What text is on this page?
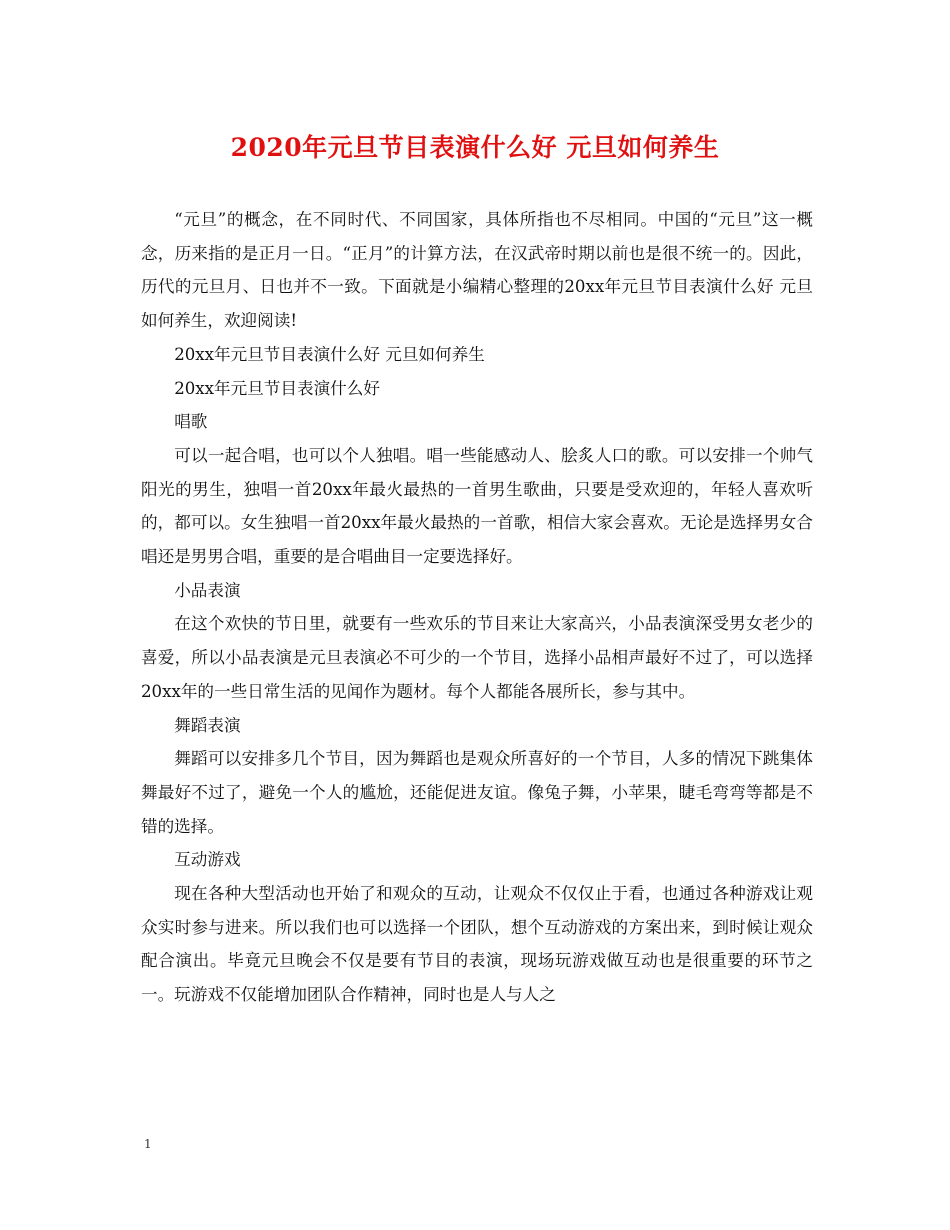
2020年元旦节目表演什么好 元旦如何养生

“元旦”的概念，在不同时代、不同国家，具体所指也不尽相同。中国的“元旦”这一概念，历来指的是正月一日。“正月”的计算方法，在汉武帝时期以前也是很不统一的。因此，历代的元旦月、日也并不一致。下面就是小编精心整理的20xx年元旦节目表演什么好 元旦如何养生，欢迎阅读!

20xx年元旦节目表演什么好 元旦如何养生

20xx年元旦节目表演什么好

唱歌

可以一起合唱，也可以个人独唱。唱一些能感动人、脍炙人口的歌。可以安排一个帅气阳光的男生，独唱一首20xx年最火最热的一首男生歌曲，只要是受欢迎的，年轻人喜欢听的，都可以。女生独唱一首20xx年最火最热的一首歌，相信大家会喜欢。无论是选择男女合唱还是男男合唱，重要的是合唱曲目一定要选择好。

小品表演

在这个欢快的节日里，就要有一些欢乐的节目来让大家高兴，小品表演深受男女老少的喜爱，所以小品表演是元旦表演必不可少的一个节目，选择小品相声最好不过了，可以选择20xx年的一些日常生活的见闻作为题材。每个人都能各展所长，参与其中。

舞蹈表演

舞蹈可以安排多几个节目，因为舞蹈也是观众所喜好的一个节目，人多的情况下跳集体舞最好不过了，避免一个人的尴尬，还能促进友谊。像兔子舞，小苹果，睫毛弯弯等都是不错的选择。

互动游戏

现在各种大型活动也开始了和观众的互动，让观众不仅仅止于看，也通过各种游戏让观众实时参与进来。所以我们也可以选择一个团队，想个互动游戏的方案出来，到时候让观众配合演出。毕竟元旦晚会不仅是要有节目的表演，现场玩游戏做互动也是很重要的环节之一。玩游戏不仅能增加团队合作精神，同时也是人与人之

1
